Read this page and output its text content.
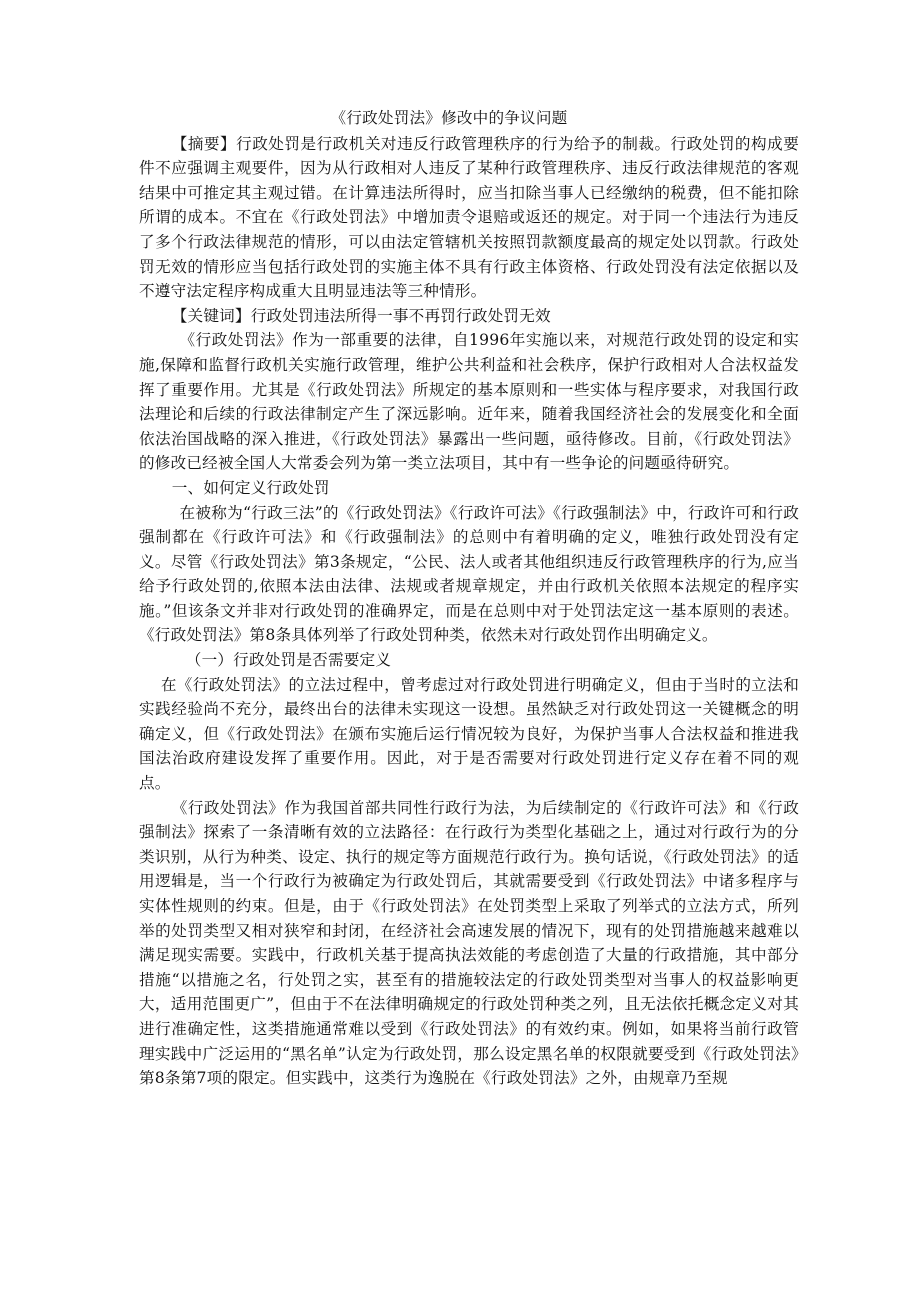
《行政处罚法》修改中的争议问题

【摘要】行政处罚是行政机关对违反行政管理秩序的行为给予的制裁。行政处罚的构成要件不应强调主观要件，因为从行政相对人违反了某种行政管理秩序、违反行政法律规范的客观结果中可推定其主观过错。在计算违法所得时，应当扣除当事人已经缴纳的税费，但不能扣除所谓的成本。不宜在《行政处罚法》中增加责令退赔或返还的规定。对于同一个违法行为违反了多个行政法律规范的情形，可以由法定管辖机关按照罚款额度最高的规定处以罚款。行政处罚无效的情形应当包括行政处罚的实施主体不具有行政主体资格、行政处罚没有法定依据以及不遵守法定程序构成重大且明显违法等三种情形。

【关键词】行政处罚违法所得一事不再罚行政处罚无效

《行政处罚法》作为一部重要的法律，自1996年实施以来，对规范行政处罚的设定和实施,保障和监督行政机关实施行政管理，维护公共利益和社会秩序，保护行政相对人合法权益发挥了重要作用。尤其是《行政处罚法》所规定的基本原则和一些实体与程序要求，对我国行政法理论和后续的行政法律制定产生了深远影响。近年来，随着我国经济社会的发展变化和全面依法治国战略的深入推进，《行政处罚法》暴露出一些问题，亟待修改。目前，《行政处罚法》的修改已经被全国人大常委会列为第一类立法项目，其中有一些争论的问题亟待研究。

一、如何定义行政处罚

在被称为“行政三法”的《行政处罚法》《行政许可法》《行政强制法》中，行政许可和行政强制都在《行政许可法》和《行政强制法》的总则中有着明确的定义，唯独行政处罚没有定义。尽管《行政处罚法》第3条规定，“公民、法人或者其他组织违反行政管理秩序的行为,应当给予行政处罚的,依照本法由法律、法规或者规章规定，并由行政机关依照本法规定的程序实施。”但该条文并非对行政处罚的准确界定，而是在总则中对于处罚法定这一基本原则的表述。《行政处罚法》第8条具体列举了行政处罚种类，依然未对行政处罚作出明确定义。

（一）行政处罚是否需要定义

在《行政处罚法》的立法过程中，曾考虑过对行政处罚进行明确定义，但由于当时的立法和实践经验尚不充分，最终出台的法律未实现这一设想。虽然缺乏对行政处罚这一关键概念的明确定义，但《行政处罚法》在颁布实施后运行情况较为良好，为保护当事人合法权益和推进我国法治政府建设发挥了重要作用。因此，对于是否需要对行政处罚进行定义存在着不同的观点。

《行政处罚法》作为我国首部共同性行政行为法，为后续制定的《行政许可法》和《行政强制法》探索了一条清晰有效的立法路径：在行政行为类型化基础之上，通过对行政行为的分类识别，从行为种类、设定、执行的规定等方面规范行政行为。换句话说，《行政处罚法》的适用逻辑是，当一个行政行为被确定为行政处罚后，其就需要受到《行政处罚法》中诸多程序与实体性规则的约束。但是，由于《行政处罚法》在处罚类型上采取了列举式的立法方式，所列举的处罚类型又相对狭窄和封闭，在经济社会高速发展的情况下，现有的处罚措施越来越难以满足现实需要。实践中，行政机关基于提高执法效能的考虑创造了大量的行政措施，其中部分措施“以措施之名，行处罚之实，甚至有的措施较法定的行政处罚类型对当事人的权益影响更大，适用范围更广”，但由于不在法律明确规定的行政处罚种类之列，且无法依托概念定义对其进行准确定性，这类措施通常难以受到《行政处罚法》的有效约束。例如，如果将当前行政管理实践中广泛运用的“黑名单”认定为行政处罚，那么设定黑名单的权限就要受到《行政处罚法》第8条第7项的限定。但实践中，这类行为逸脱在《行政处罚法》之外，由规章乃至规
